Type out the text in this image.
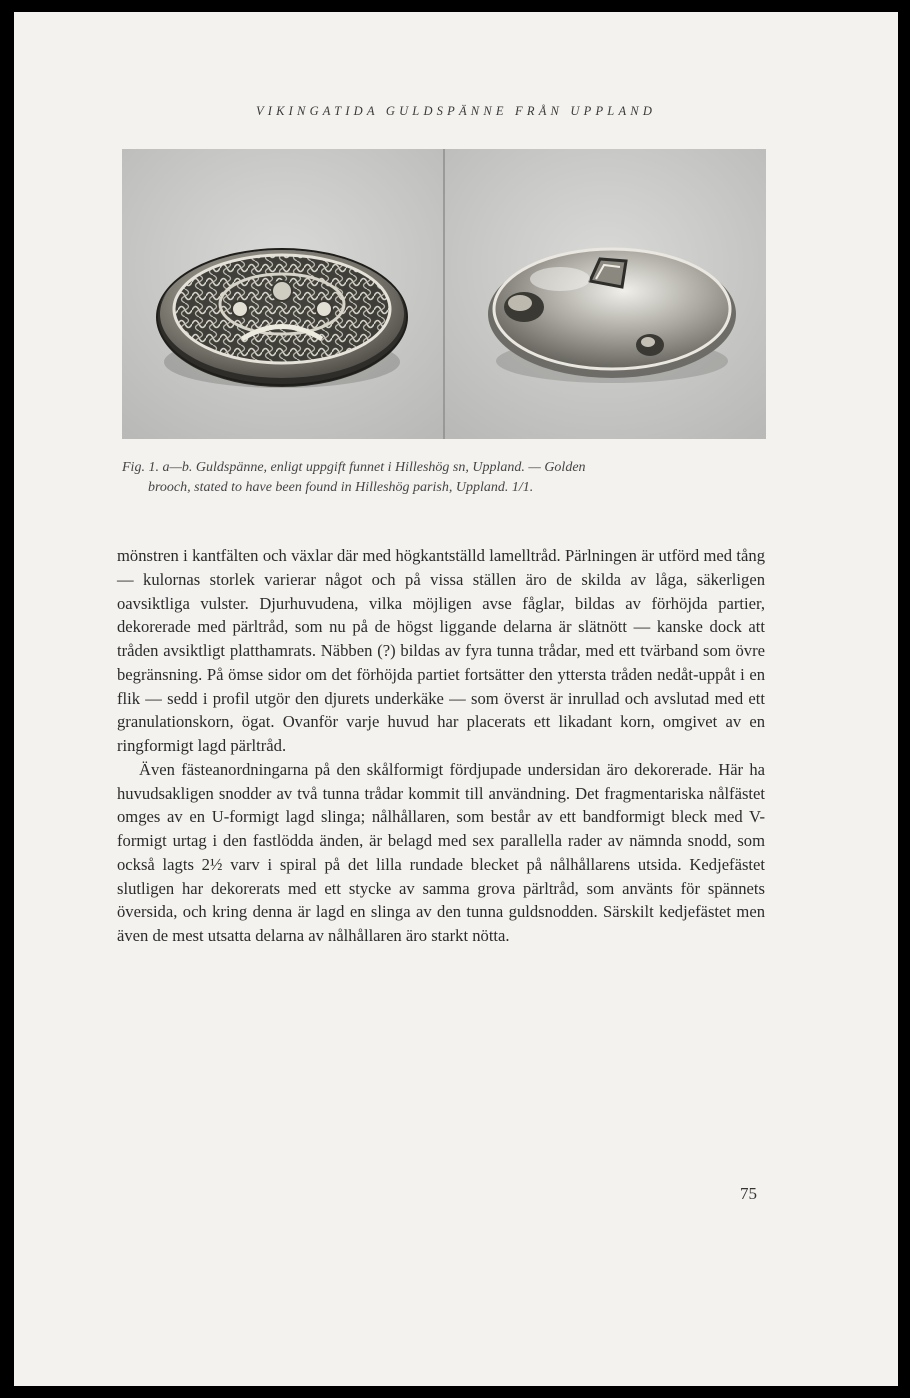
VIKINGATIDA GULDSPÄNNE FRÅN UPPLAND
Fig. 1. a—b. Guldspänne, enligt uppgift funnet i Hilleshög sn, Uppland. — Golden
brooch, stated to have been found in Hilleshög parish, Uppland. 1/1.

mönstren i kantfälten och växlar där med högkantställd lamelltråd. Pärlningen är utförd med tång — kulornas storlek varierar något och på vissa ställen äro de skilda av låga, säkerligen oavsiktliga vulster. Djurhuvudena, vilka möjligen avse fåglar, bildas av förhöjda partier, dekorerade med pärltråd, som nu på de högst liggande delarna är slätnött — kanske dock att tråden avsiktligt platthamrats. Näbben (?) bildas av fyra tunna trådar, med ett tvärband som övre begränsning. På ömse sidor om det förhöjda partiet fortsätter den yttersta tråden nedåt-uppåt i en flik — sedd i profil utgör den djurets underkäke — som överst är inrullad och avslutad med ett granulationskorn, ögat. Ovanför varje huvud har placerats ett likadant korn, omgivet av en ringformigt lagd pärltråd.

Även fästeanordningarna på den skålformigt fördjupade undersidan äro dekorerade. Här ha huvudsakligen snodder av två tunna trådar kommit till användning. Det fragmentariska nålfästet omges av en U-formigt lagd slinga; nålhållaren, som består av ett bandformigt bleck med V-formigt urtag i den fastlödda änden, är belagd med sex parallella rader av nämnda snodd, som också lagts 2½ varv i spiral på det lilla rundade blecket på nålhållarens utsida. Kedjefästet slutligen har dekorerats med ett stycke av samma grova pärltråd, som använts för spännets översida, och kring denna är lagd en slinga av den tunna guldsnodden. Särskilt kedjefästet men även de mest utsatta delarna av nålhållaren äro starkt nötta.

75
